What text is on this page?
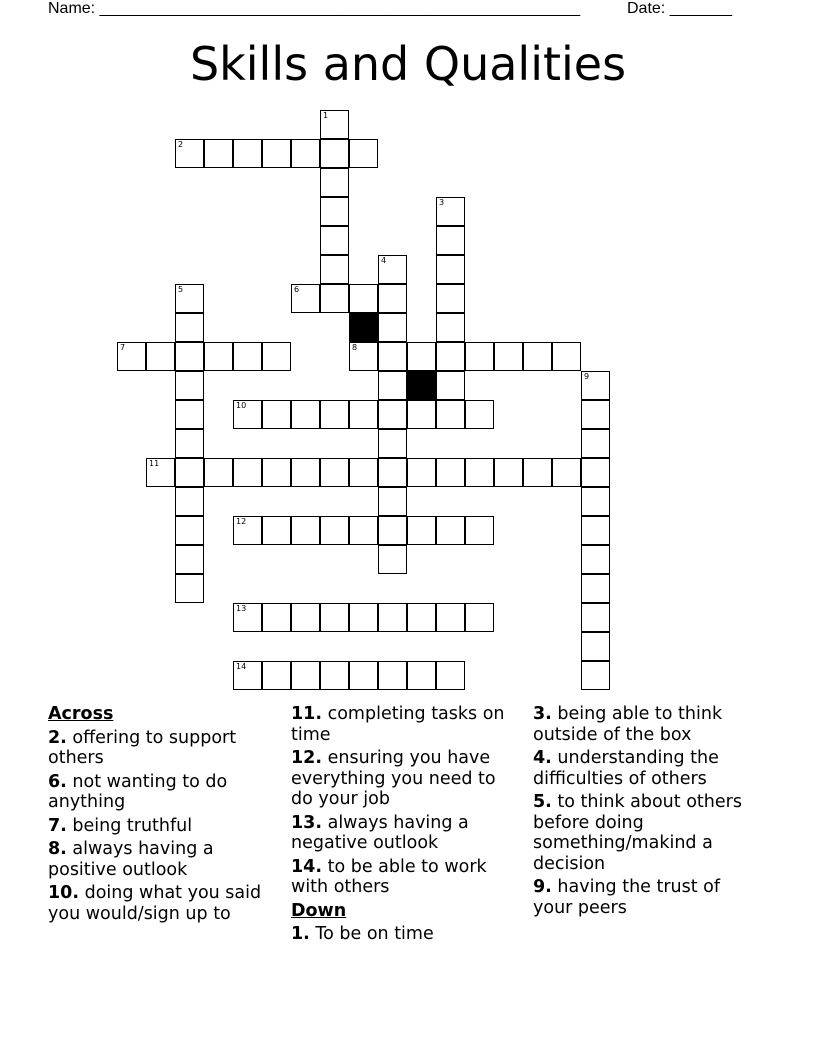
Name: ______________________________________________________	Date: _______
Skills and Qualities
1
2
3
4
5	6
7	8
9
10
11
12
13
14
Across
2. offering to support others
6. not wanting to do anything
7. being truthful
8. always having a positive outlook
10. doing what you said you would/sign up to
11. completing tasks on time
12. ensuring you have everything you need to do your job
13. always having a negative outlook
14. to be able to work with others
Down
1. To be on time
3. being able to think outside of the box
4. understanding the difficulties of others
5. to think about others before doing something/makind a decision
9. having the trust of your peers
